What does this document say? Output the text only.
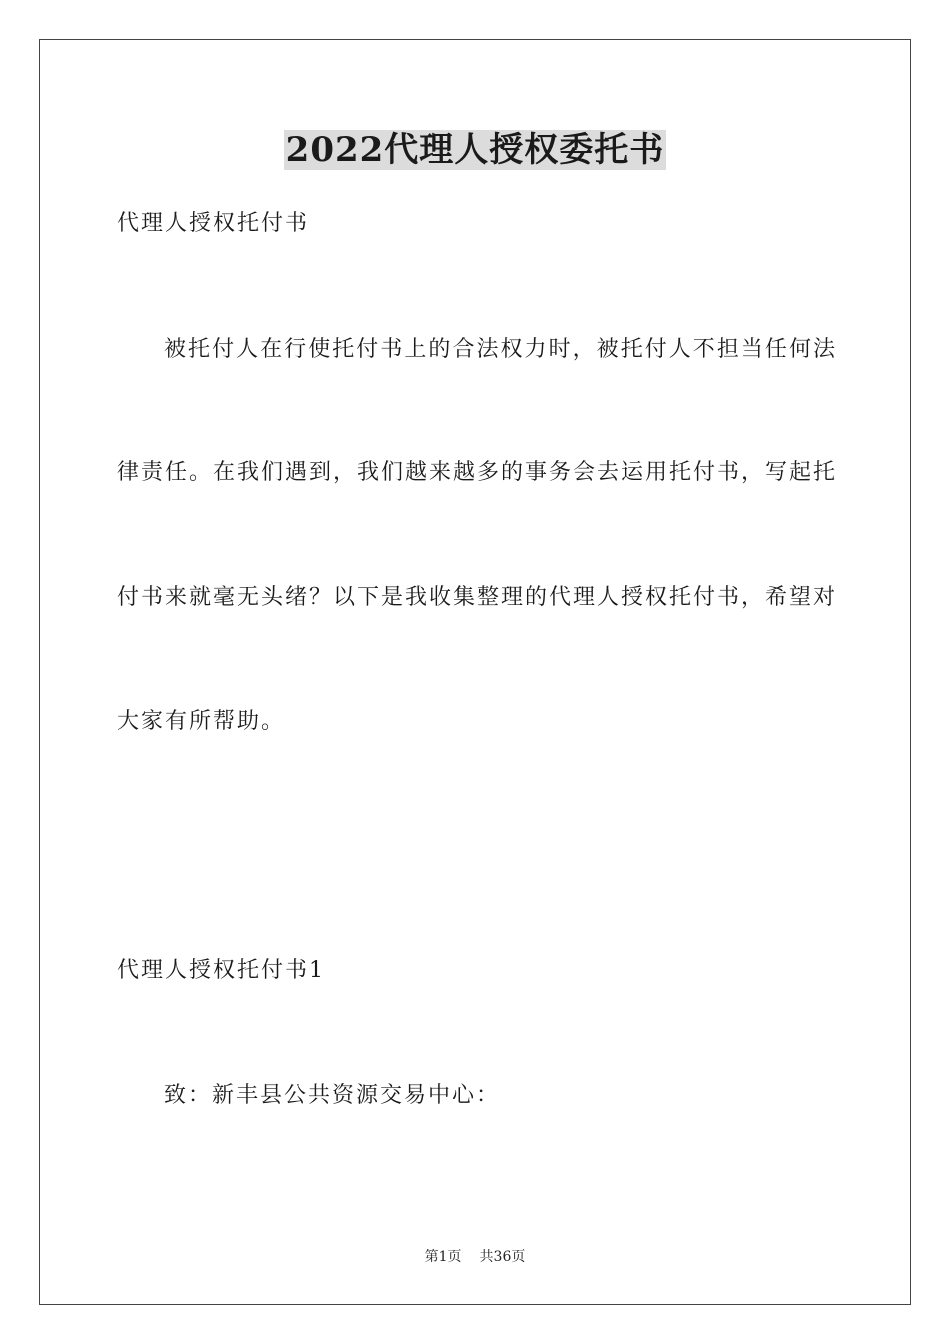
2022代理人授权委托书
代理人授权托付书
被托付人在行使托付书上的合法权力时，被托付人不担当任何法
律责任。在我们遇到，我们越来越多的事务会去运用托付书，写起托
付书来就毫无头绪？以下是我收集整理的代理人授权托付书，希望对
大家有所帮助。
代理人授权托付书1
致：新丰县公共资源交易中心：
第1页 共36页
